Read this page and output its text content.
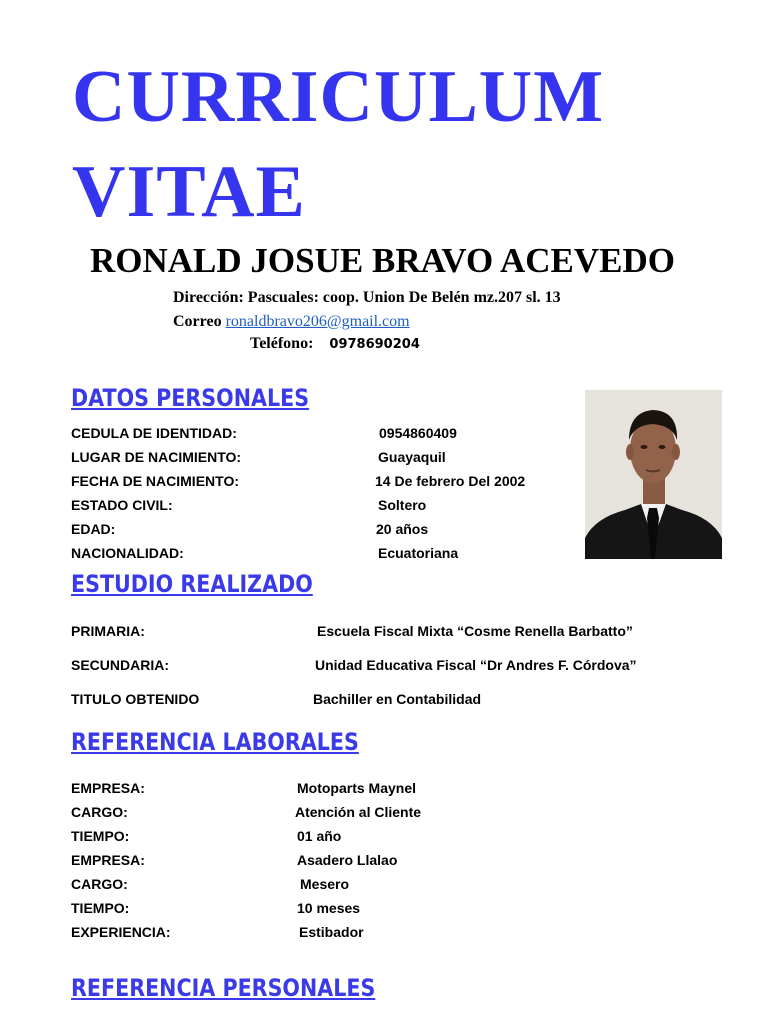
CURRICULUM
VITAE
RONALD JOSUE BRAVO ACEVEDO
Dirección: Pascuales: coop. Union De Belén mz.207 sl. 13
Correo ronaldbravo206@gmail.com
Teléfono: 0978690204
DATOS PERSONALES
CEDULA DE IDENTIDAD:	0954860409
LUGAR DE NACIMIENTO:	Guayaquil
FECHA DE NACIMIENTO:	14 De febrero Del 2002
ESTADO CIVIL:	Soltero
EDAD:	20 años
NACIONALIDAD:	Ecuatoriana
ESTUDIO REALIZADO
PRIMARIA:	Escuela Fiscal Mixta “Cosme Renella Barbatto”
SECUNDARIA:	Unidad Educativa Fiscal “Dr Andres F. Córdova”
TITULO OBTENIDO	Bachiller en Contabilidad
REFERENCIA LABORALES
EMPRESA:	Motoparts Maynel
CARGO:	Atención al Cliente
TIEMPO:	01 año
EMPRESA:	Asadero Llalao
CARGO:	Mesero
TIEMPO:	10 meses
EXPERIENCIA:	Estibador
REFERENCIA PERSONALES
